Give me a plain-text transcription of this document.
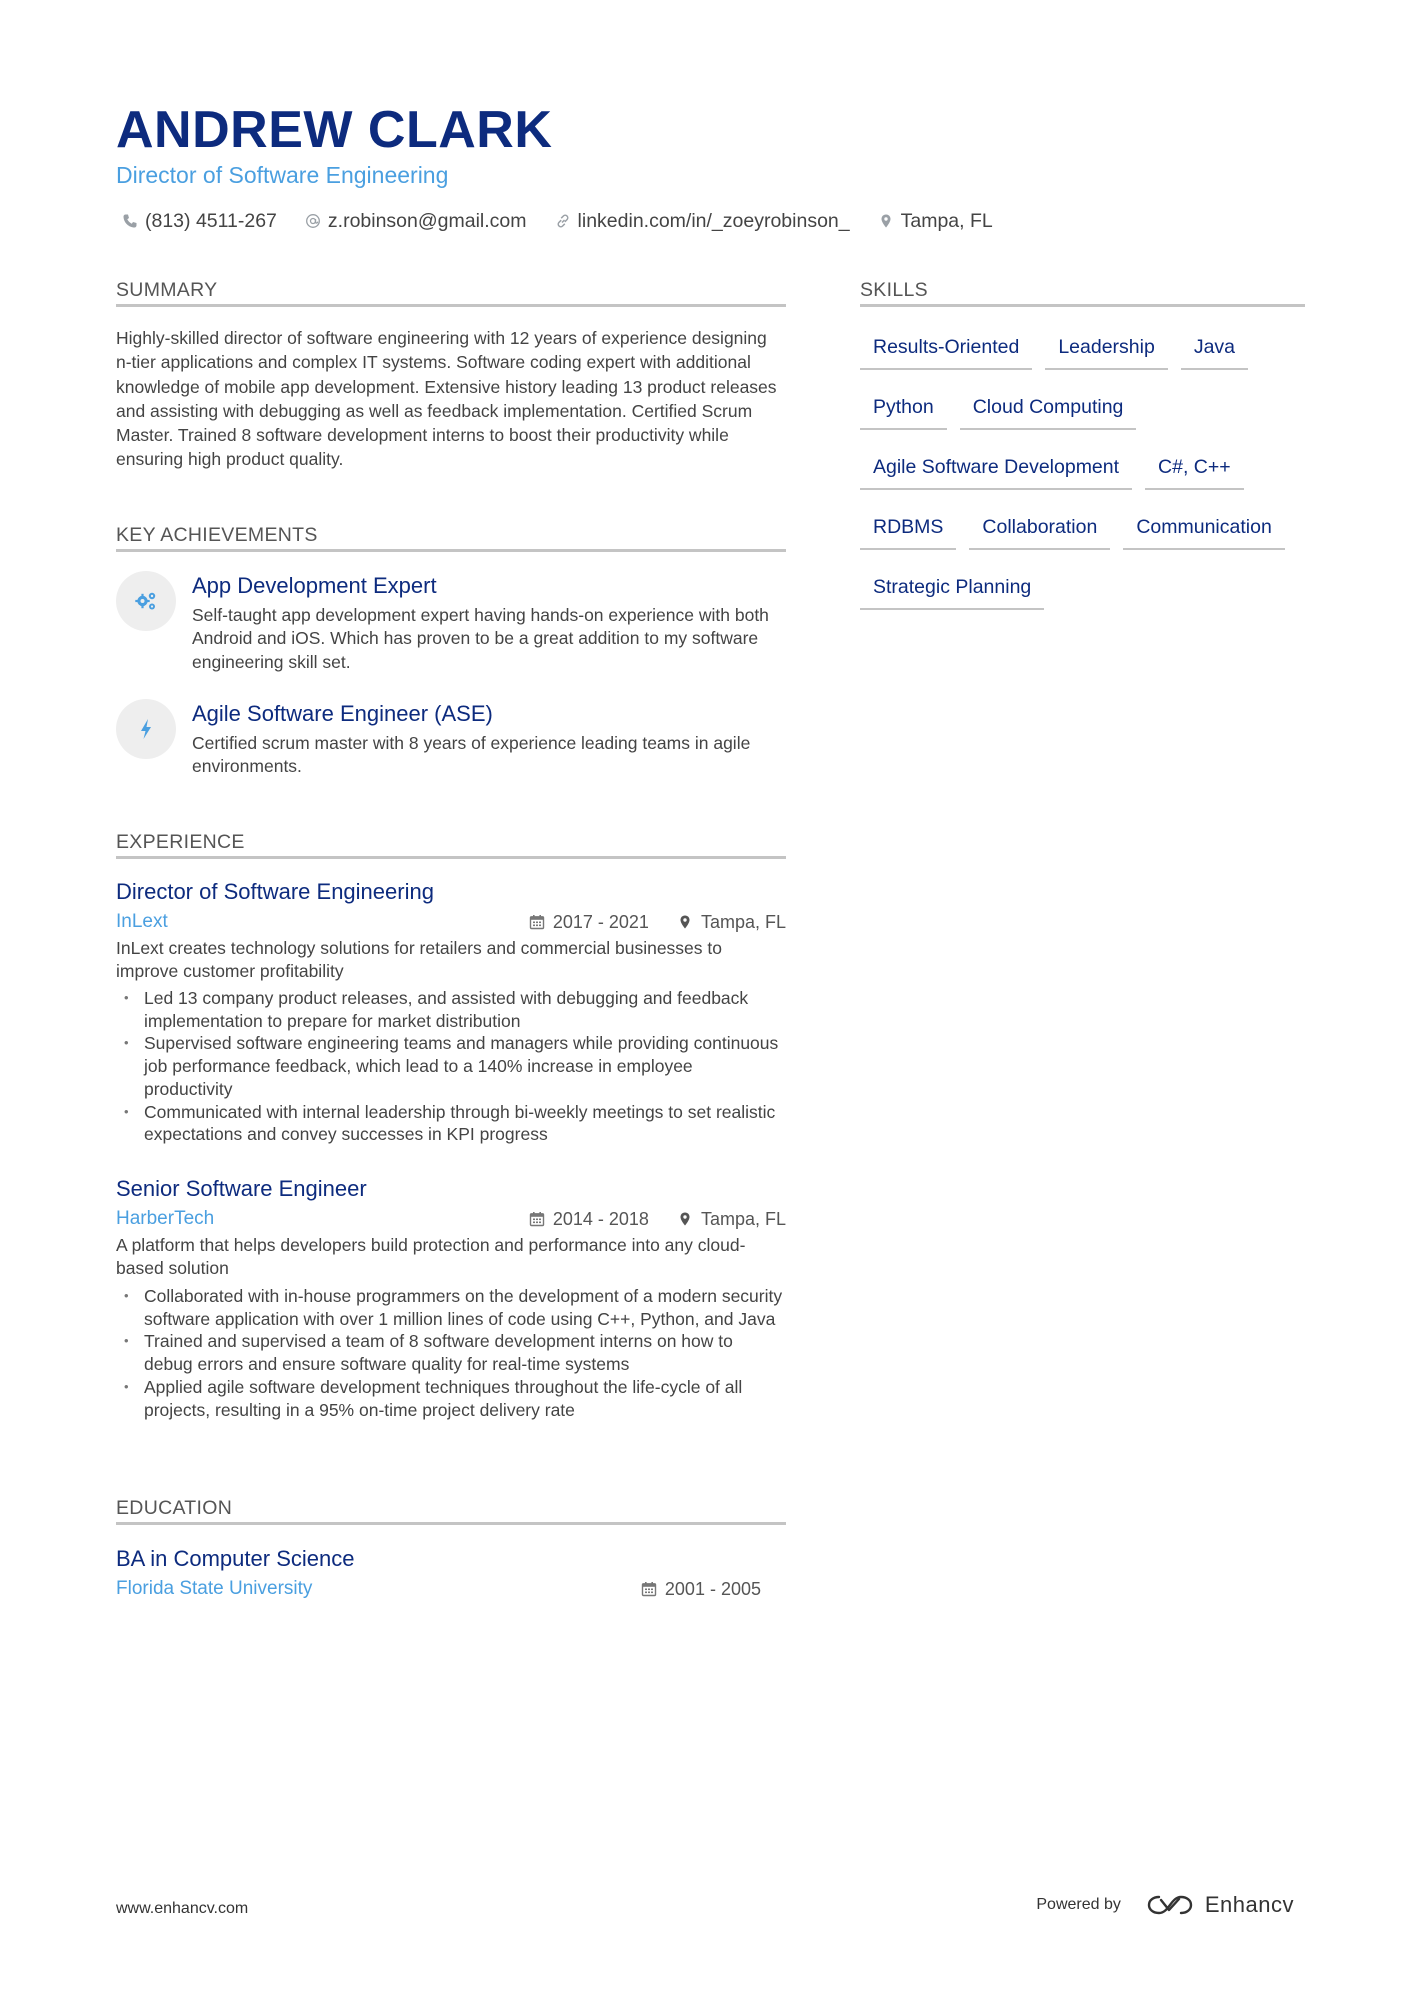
ANDREW CLARK
Director of Software Engineering
(813) 4511-267	z.robinson@gmail.com	linkedin.com/in/_zoeyrobinson_	Tampa, FL
SUMMARY

Highly-skilled director of software engineering with 12 years of experience designing n-tier applications and complex IT systems. Software coding expert with additional knowledge of mobile app development. Extensive history leading 13 product releases and assisting with debugging as well as feedback implementation. Certified Scrum Master. Trained 8 software development interns to boost their productivity while ensuring high product quality.

KEY ACHIEVEMENTS
App Development Expert
Self-taught app development expert having hands-on experience with both Android and iOS. Which has proven to be a great addition to my software engineering skill set.
Agile Software Engineer (ASE)
Certified scrum master with 8 years of experience leading teams in agile environments.
EXPERIENCE
Director of Software Engineering
InLext	2017 - 2021	Tampa, FL
InLext creates technology solutions for retailers and commercial businesses to improve customer profitability
• Led 13 company product releases, and assisted with debugging and feedback implementation to prepare for market distribution
• Supervised software engineering teams and managers while providing continuous job performance feedback, which lead to a 140% increase in employee productivity
• Communicated with internal leadership through bi-weekly meetings to set realistic expectations and convey successes in KPI progress
Senior Software Engineer
HarberTech	2014 - 2018	Tampa, FL
A platform that helps developers build protection and performance into any cloud-based solution
• Collaborated with in-house programmers on the development of a modern security software application with over 1 million lines of code using C++, Python, and Java
• Trained and supervised a team of 8 software development interns on how to debug errors and ensure software quality for real-time systems
• Applied agile software development techniques throughout the life-cycle of all projects, resulting in a 95% on-time project delivery rate
EDUCATION
BA in Computer Science
Florida State University	2001 - 2005
SKILLS
Results-Oriented	Leadership	Java
Python	Cloud Computing
Agile Software Development	C#, C++
RDBMS	Collaboration	Communication
Strategic Planning
www.enhancv.com	Powered by	Enhancv
